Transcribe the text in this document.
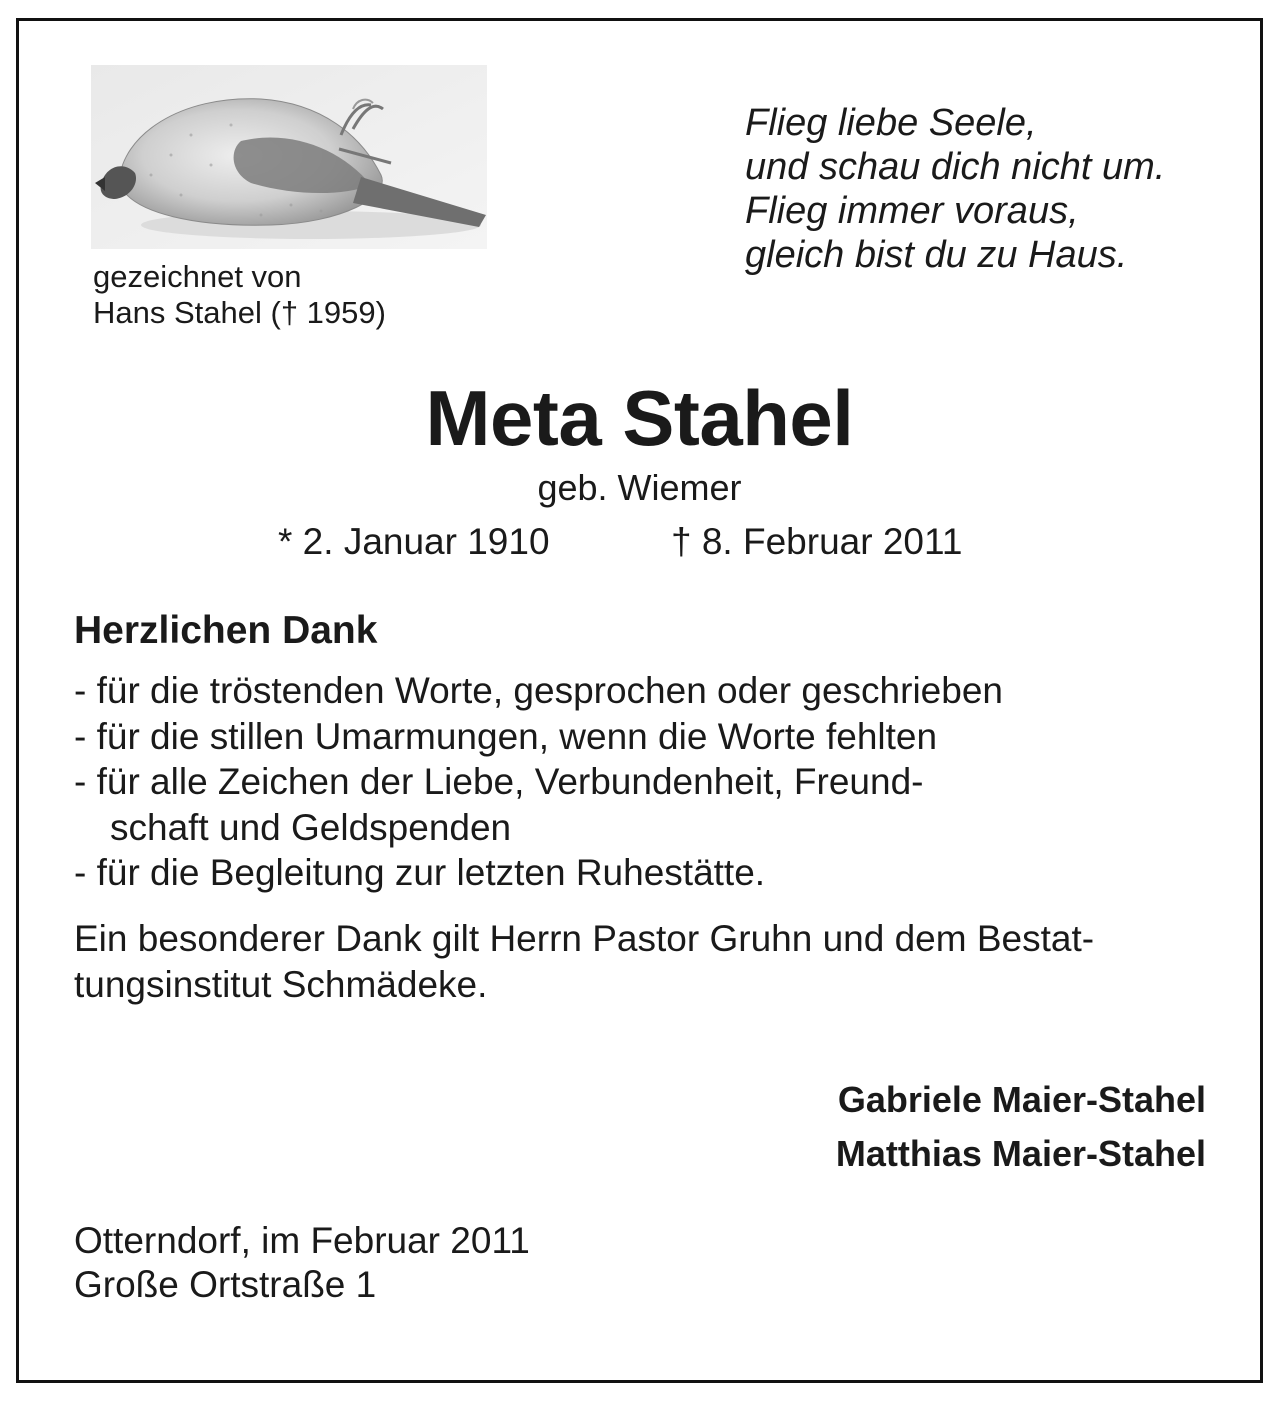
gezeichnet von
Hans Stahel († 1959)
Flieg liebe Seele,
und schau dich nicht um.
Flieg immer voraus,
gleich bist du zu Haus.
Meta Stahel
geb. Wiemer
* 2. Januar 1910	† 8. Februar 2011
Herzlichen Dank
- für die tröstenden Worte, gesprochen oder geschrieben
- für die stillen Umarmungen, wenn die Worte fehlten
- für alle Zeichen der Liebe, Verbundenheit, Freund-
schaft und Geldspenden
- für die Begleitung zur letzten Ruhestätte.
Ein besonderer Dank gilt Herrn Pastor Gruhn und dem Bestat-
tungsinstitut Schmädeke.
Gabriele Maier-Stahel
Matthias Maier-Stahel
Otterndorf, im Februar 2011
Große Ortstraße 1
